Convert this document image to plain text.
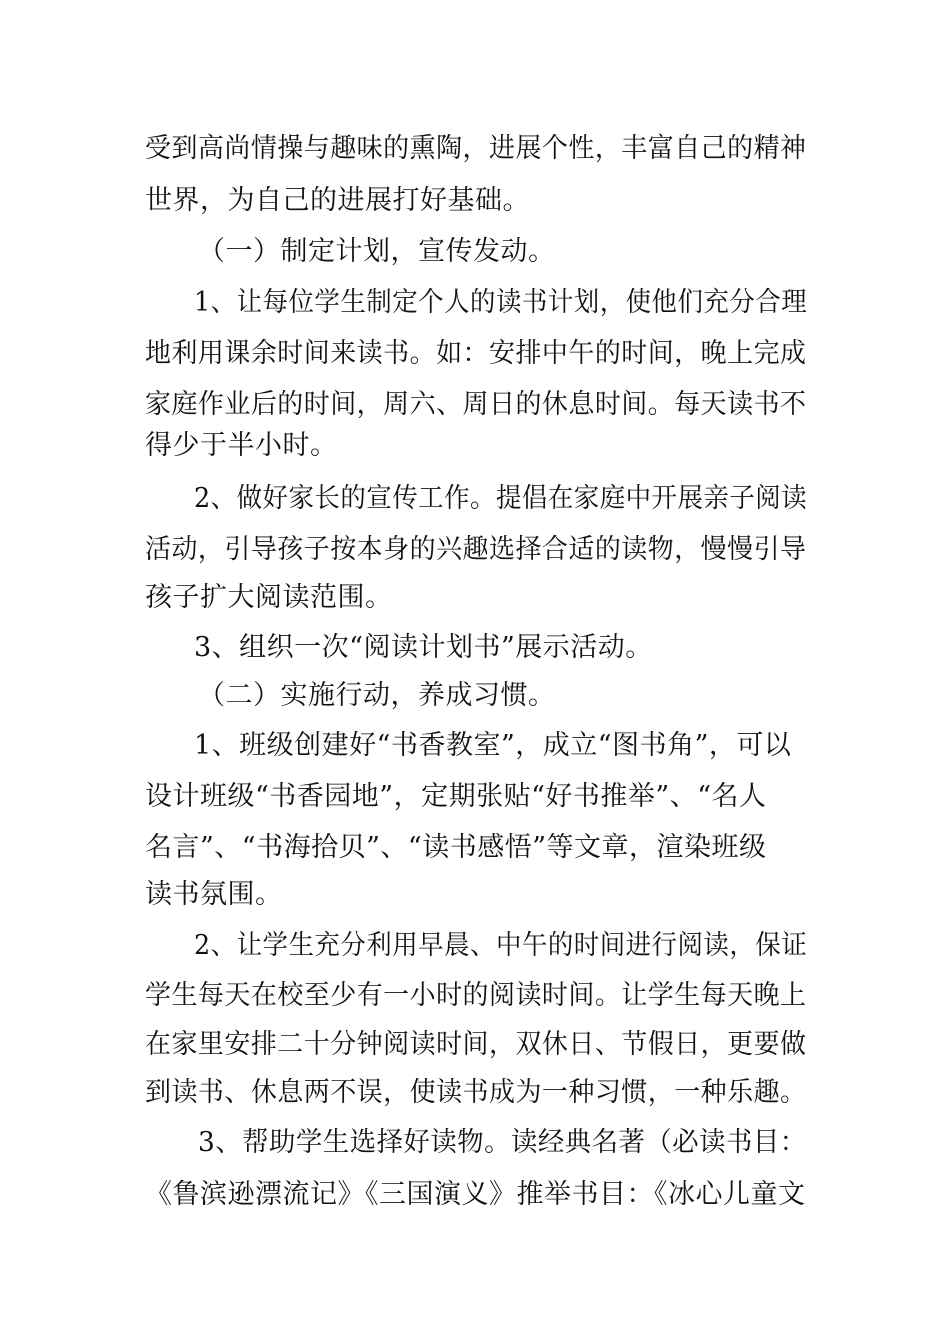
受到高尚情操与趣味的熏陶，进展个性，丰富自己的精神
世界，为自己的进展打好基础。
（一）制定计划，宣传发动。
1、让每位学生制定个人的读书计划，使他们充分合理
地利用课余时间来读书。如：安排中午的时间，晚上完成
家庭作业后的时间，周六、周日的休息时间。每天读书不
得少于半小时。
2、做好家长的宣传工作。提倡在家庭中开展亲子阅读
活动，引导孩子按本身的兴趣选择合适的读物，慢慢引导
孩子扩大阅读范围。
3、组织一次“阅读计划书”展示活动。
（二）实施行动，养成习惯。
1、班级创建好“书香教室”，成立“图书角”，可以
设计班级“书香园地”，定期张贴“好书推举”、“名人
名言”、“书海拾贝”、“读书感悟”等文章，渲染班级
读书氛围。
2、让学生充分利用早晨、中午的时间进行阅读，保证
学生每天在校至少有一小时的阅读时间。让学生每天晚上
在家里安排二十分钟阅读时间，双休日、节假日，更要做
到读书、休息两不误，使读书成为一种习惯，一种乐趣。
3、帮助学生选择好读物。读经典名著（必读书目：
《鲁滨逊漂流记》《三国演义》推举书目：《冰心儿童文
